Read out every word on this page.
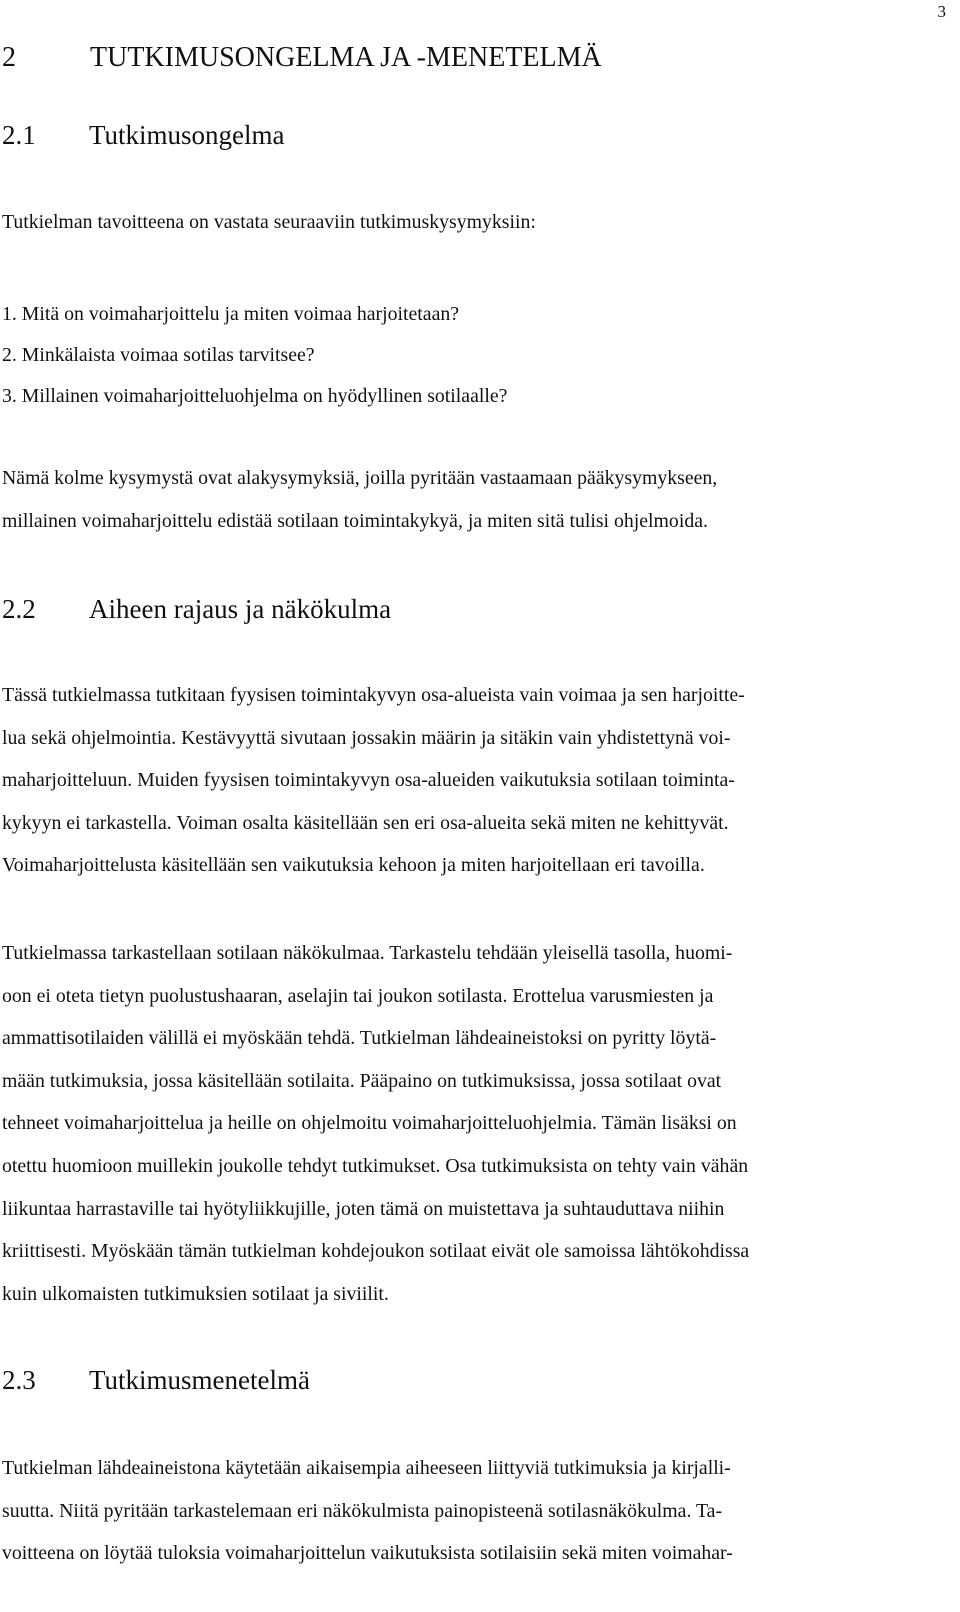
3
2	TUTKIMUSONGELMA JA -MENETELMÄ
2.1 Tutkimusongelma

Tutkielman tavoitteena on vastata seuraaviin tutkimuskysymyksiin:

1. Mitä on voimaharjoittelu ja miten voimaa harjoitetaan?
2. Minkälaista voimaa sotilas tarvitsee?
3. Millainen voimaharjoitteluohjelma on hyödyllinen sotilaalle?

Nämä kolme kysymystä ovat alakysymyksiä, joilla pyritään vastaamaan pääkysymykseen,
millainen voimaharjoittelu edistää sotilaan toimintakykyä, ja miten sitä tulisi ohjelmoida.

2.2 Aiheen rajaus ja näkökulma

Tässä tutkielmassa tutkitaan fyysisen toimintakyvyn osa-alueista vain voimaa ja sen harjoitte-
lua sekä ohjelmointia. Kestävyyttä sivutaan jossakin määrin ja sitäkin vain yhdistettynä voi-
maharjoitteluun. Muiden fyysisen toimintakyvyn osa-alueiden vaikutuksia sotilaan toiminta-
kykyyn ei tarkastella. Voiman osalta käsitellään sen eri osa-alueita sekä miten ne kehittyvät.
Voimaharjoittelusta käsitellään sen vaikutuksia kehoon ja miten harjoitellaan eri tavoilla.

Tutkielmassa tarkastellaan sotilaan näkökulmaa. Tarkastelu tehdään yleisellä tasolla, huomi-
oon ei oteta tietyn puolustushaaran, aselajin tai joukon sotilasta. Erottelua varusmiesten ja
ammattisotilaiden välillä ei myöskään tehdä. Tutkielman lähdeaineistoksi on pyritty löytä-
mään tutkimuksia, jossa käsitellään sotilaita. Pääpaino on tutkimuksissa, jossa sotilaat ovat
tehneet voimaharjoittelua ja heille on ohjelmoitu voimaharjoitteluohjelmia. Tämän lisäksi on
otettu huomioon muillekin joukolle tehdyt tutkimukset. Osa tutkimuksista on tehty vain vähän
liikuntaa harrastaville tai hyötyliikkujille, joten tämä on muistettava ja suhtauduttava niihin
kriittisesti. Myöskään tämän tutkielman kohdejoukon sotilaat eivät ole samoissa lähtökohdissa
kuin ulkomaisten tutkimuksien sotilaat ja siviilit.

2.3 Tutkimusmenetelmä

Tutkielman lähdeaineistona käytetään aikaisempia aiheeseen liittyviä tutkimuksia ja kirjalli-
suutta. Niitä pyritään tarkastelemaan eri näkökulmista painopisteenä sotilasnäkökulma. Ta-
voitteena on löytää tuloksia voimaharjoittelun vaikutuksista sotilaisiin sekä miten voimahar-
